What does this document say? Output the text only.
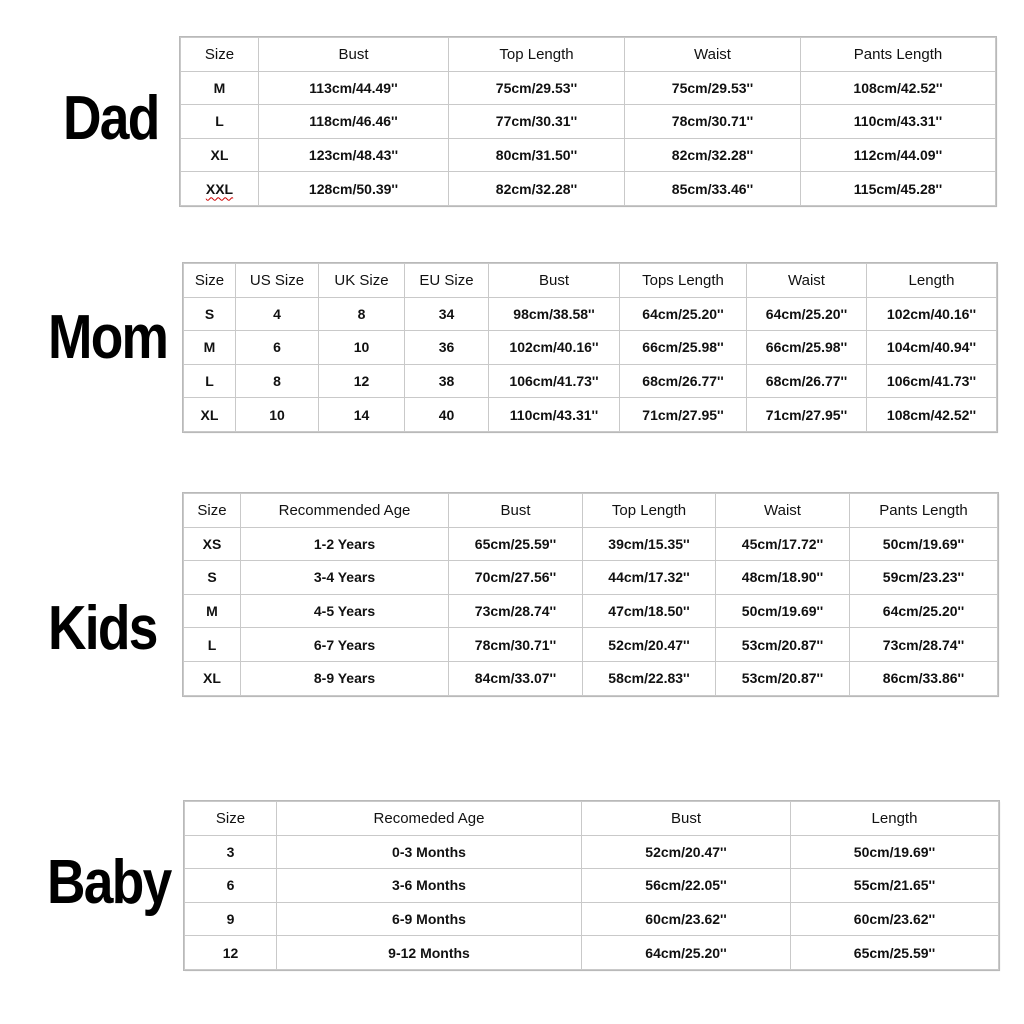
Dad
Size	Bust	Top Length	Waist	Pants Length
M	113cm/44.49''	75cm/29.53''	75cm/29.53''	108cm/42.52''
L	118cm/46.46''	77cm/30.31''	78cm/30.71''	110cm/43.31''
XL	123cm/48.43''	80cm/31.50''	82cm/32.28''	112cm/44.09''
XXL	128cm/50.39''	82cm/32.28''	85cm/33.46''	115cm/45.28''
Mom
Size	US Size	UK Size	EU Size	Bust	Tops Length	Waist	Length
S	4	8	34	98cm/38.58''	64cm/25.20''	64cm/25.20''	102cm/40.16''
M	6	10	36	102cm/40.16''	66cm/25.98''	66cm/25.98''	104cm/40.94''
L	8	12	38	106cm/41.73''	68cm/26.77''	68cm/26.77''	106cm/41.73''
XL	10	14	40	110cm/43.31''	71cm/27.95''	71cm/27.95''	108cm/42.52''
Kids
Size	Recommended Age	Bust	Top Length	Waist	Pants Length
XS	1-2 Years	65cm/25.59''	39cm/15.35''	45cm/17.72''	50cm/19.69''
S	3-4 Years	70cm/27.56''	44cm/17.32''	48cm/18.90''	59cm/23.23''
M	4-5 Years	73cm/28.74''	47cm/18.50''	50cm/19.69''	64cm/25.20''
L	6-7 Years	78cm/30.71''	52cm/20.47''	53cm/20.87''	73cm/28.74''
XL	8-9 Years	84cm/33.07''	58cm/22.83''	53cm/20.87''	86cm/33.86''
Baby
Size	Recomeded Age	Bust	Length
3	0-3 Months	52cm/20.47''	50cm/19.69''
6	3-6 Months	56cm/22.05''	55cm/21.65''
9	6-9 Months	60cm/23.62''	60cm/23.62''
12	9-12 Months	64cm/25.20''	65cm/25.59''
